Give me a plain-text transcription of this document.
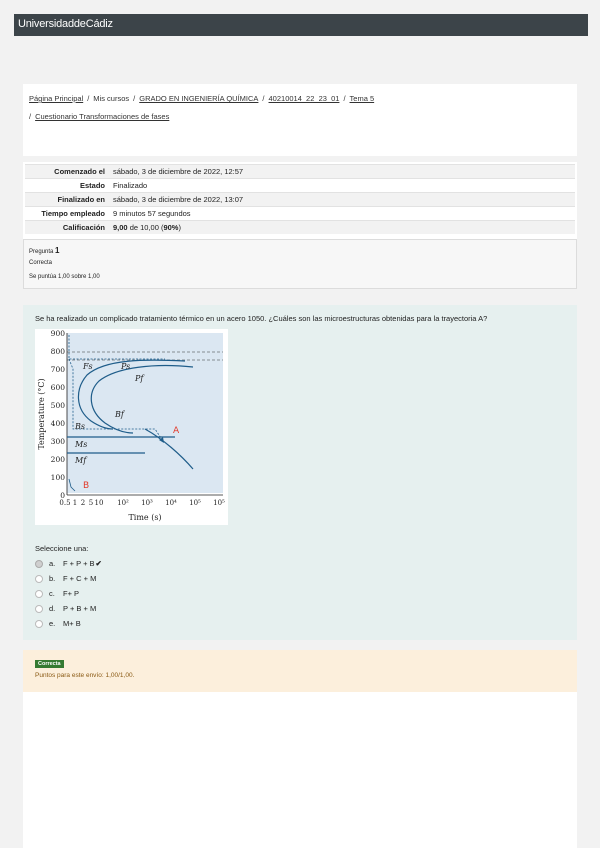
UniversidaddeCádiz
Página Principal / Mis cursos / GRADO EN INGENIERÍA QUÍMICA / 40210014_22_23_01 / Tema 5
/ Cuestionario Transformaciones de fases
Comenzado el	sábado, 3 de diciembre de 2022, 12:57
Estado	Finalizado
Finalizado en	sábado, 3 de diciembre de 2022, 13:07
Tiempo empleado	9 minutos 57 segundos
Calificación	9,00 de 10,00 (90%)
Pregunta 1
Correcta
Se puntúa 1,00 sobre 1,00
Se ha realizado un complicado tratamiento térmico en un acero 1050. ¿Cuáles son las microestructuras obtenidas para la trayectoria A?
900
800
700
600
500
400
300
200
100
0
Temperature (°C)
0.5 1 2 5 10 10² 10³ 10⁴ 10⁵ 10⁵
Time (s)
Fs	Ps
Pf
Bf
Bs
Ms
Mf
A
B
Seleccione una:
a. F + P + B✔
b. F + C + M
c. F+ P
d. P + B + M
e. M+ B
Correcta
Puntos para este envío: 1,00/1,00.
